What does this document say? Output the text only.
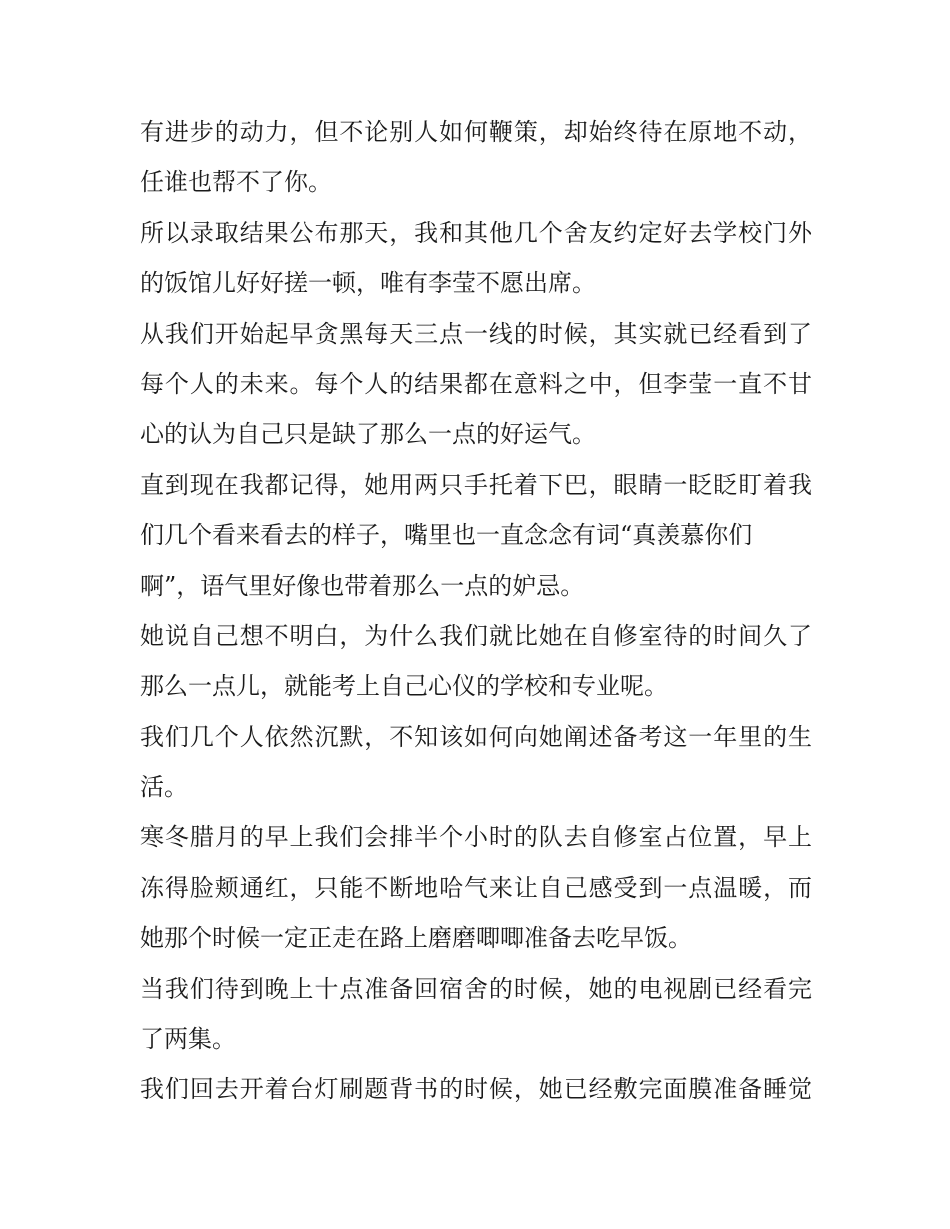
有进步的动力，但不论别人如何鞭策，却始终待在原地不动，
任谁也帮不了你。
所以录取结果公布那天，我和其他几个舍友约定好去学校门外
的饭馆儿好好搓一顿，唯有李莹不愿出席。
从我们开始起早贪黑每天三点一线的时候，其实就已经看到了
每个人的未来。每个人的结果都在意料之中，但李莹一直不甘
心的认为自己只是缺了那么一点的好运气。
直到现在我都记得，她用两只手托着下巴，眼睛一眨眨盯着我
们几个看来看去的样子，嘴里也一直念念有词“真羡慕你们
啊”，语气里好像也带着那么一点的妒忌。
她说自己想不明白，为什么我们就比她在自修室待的时间久了
那么一点儿，就能考上自己心仪的学校和专业呢。
我们几个人依然沉默，不知该如何向她阐述备考这一年里的生
活。
寒冬腊月的早上我们会排半个小时的队去自修室占位置，早上
冻得脸颊通红，只能不断地哈气来让自己感受到一点温暖，而
她那个时候一定正走在路上磨磨唧唧准备去吃早饭。
当我们待到晚上十点准备回宿舍的时候，她的电视剧已经看完
了两集。
我们回去开着台灯刷题背书的时候，她已经敷完面膜准备睡觉
